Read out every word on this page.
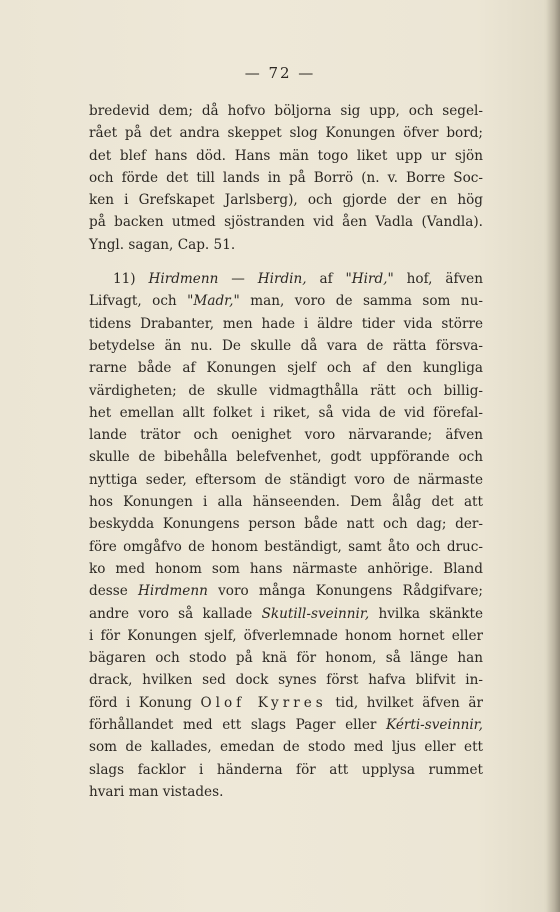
— 72 —
bredevid dem; då hofvo böljorna sig upp, och segel-
rået på det andra skeppet slog Konungen öfver bord;
det blef hans död. Hans män togo liket upp ur sjön
och förde det till lands in på Borrö (n. v. Borre Soc-
ken i Grefskapet Jarlsberg), och gjorde der en hög
på backen utmed sjöstranden vid åen Vadla (Vandla).
Yngl. sagan, Cap. 51.
11) Hirdmenn — Hirdin, af "Hird," hof, äfven
Lifvagt, och "Madr," man, voro de samma som nu-
tidens Drabanter, men hade i äldre tider vida större
betydelse än nu. De skulle då vara de rätta försva-
rarne både af Konungen sjelf och af den kungliga
värdigheten; de skulle vidmagthålla rätt och billig-
het emellan allt folket i riket, så vida de vid förefal-
lande trätor och oenighet voro närvarande; äfven
skulle de bibehålla belefvenhet, godt uppförande och
nyttiga seder, eftersom de ständigt voro de närmaste
hos Konungen i alla hänseenden. Dem ålåg det att
beskydda Konungens person både natt och dag; der-
före omgåfvo de honom beständigt, samt åto och druc-
ko med honom som hans närmaste anhörige. Bland
desse Hirdmenn voro många Konungens Rådgifvare;
andre voro så kallade Skutill-sveinnir, hvilka skänkte
i för Konungen sjelf, öfverlemnade honom hornet eller
bägaren och stodo på knä för honom, så länge han
drack, hvilken sed dock synes först hafva blifvit in-
förd i Konung Olof Kyrres tid, hvilket äfven är
förhållandet med ett slags Pager eller Kérti-sveinnir,
som de kallades, emedan de stodo med ljus eller ett
slags facklor i händerna för att upplysa rummet
hvari man vistades.
